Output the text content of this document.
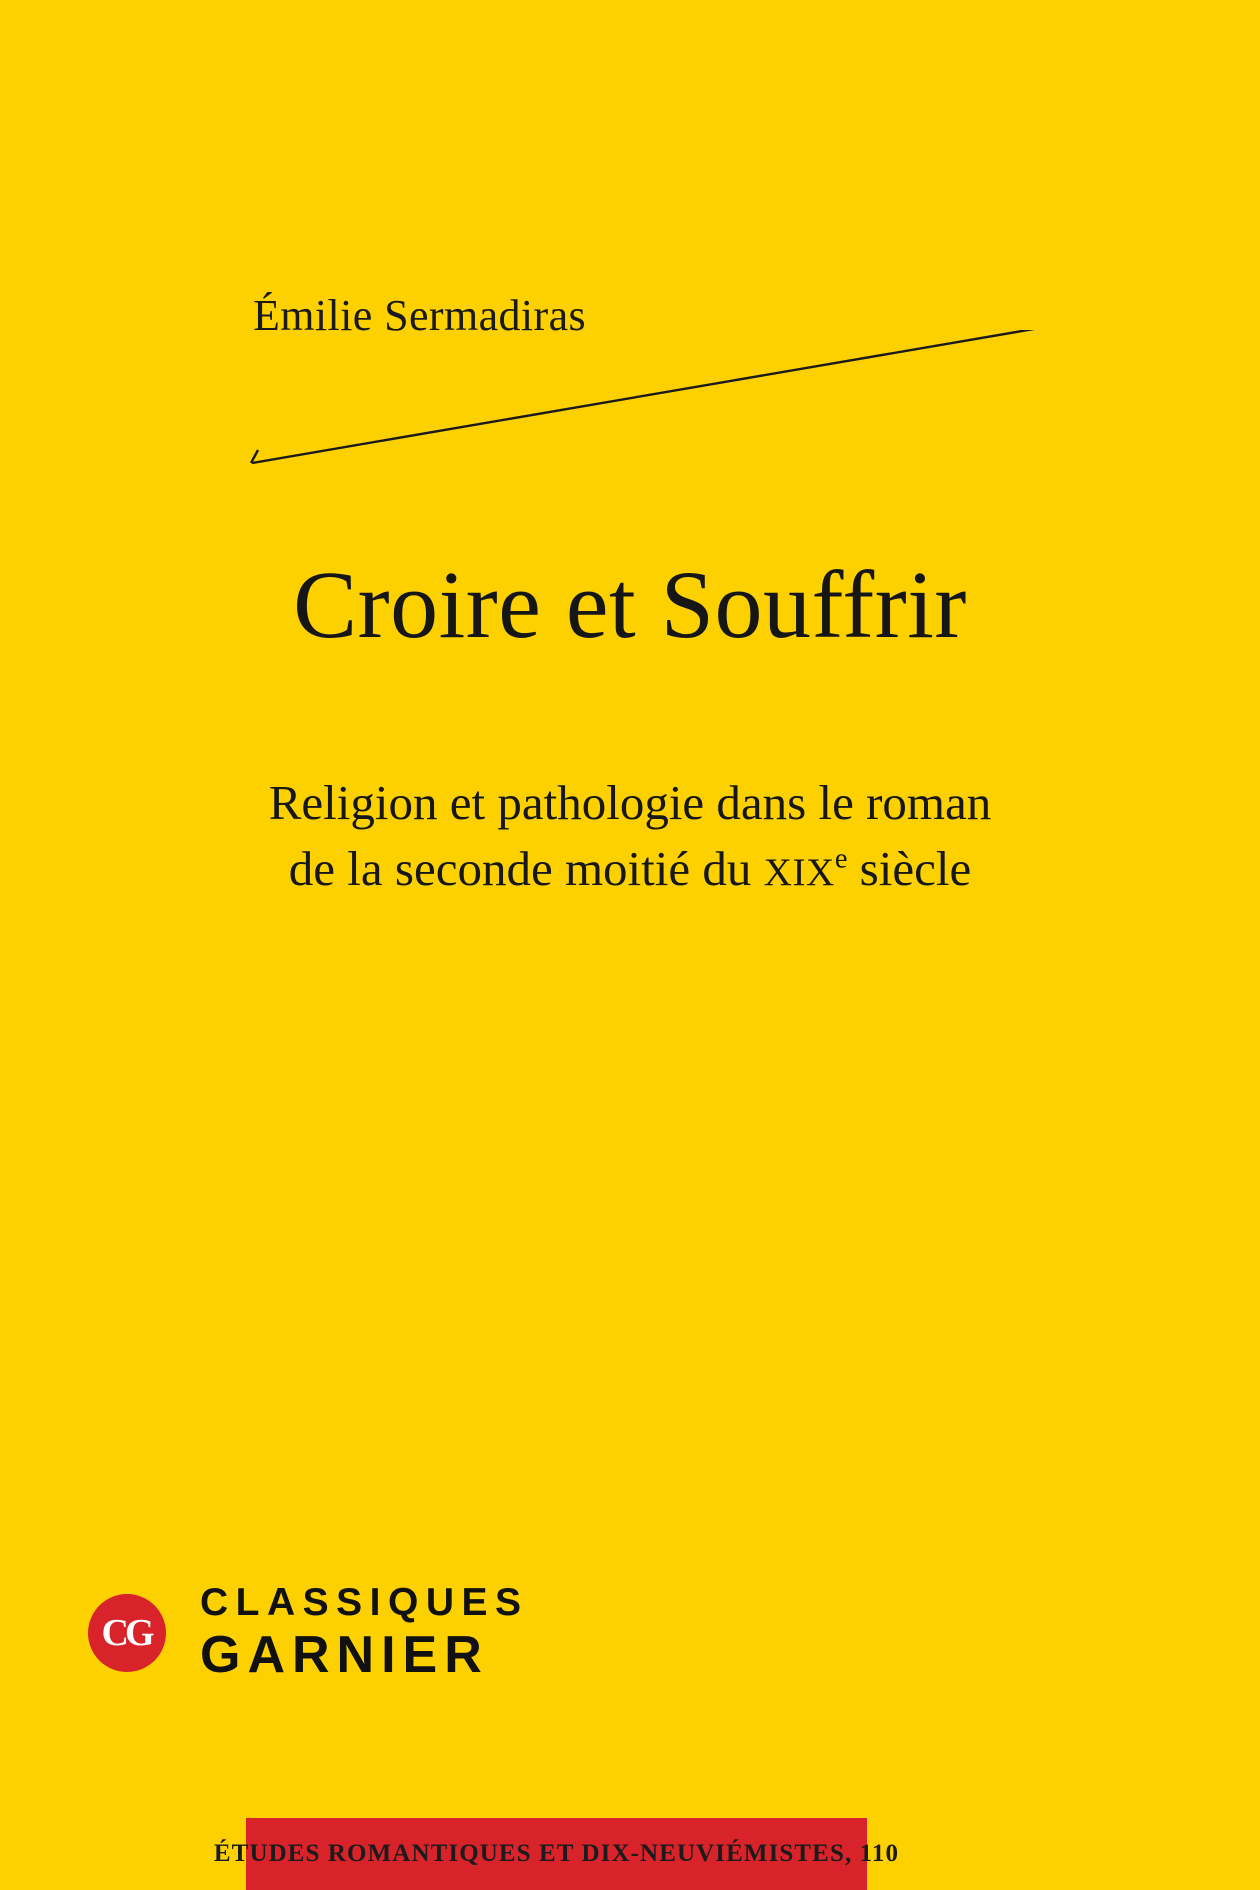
Émilie Sermadiras
Croire et Souffrir
Religion et pathologie dans le roman
de la seconde moitié du XIXe siècle
CG
CLASSIQUES
GARNIER
ÉTUDES ROMANTIQUES ET DIX-NEUVIÉMISTES, 110
